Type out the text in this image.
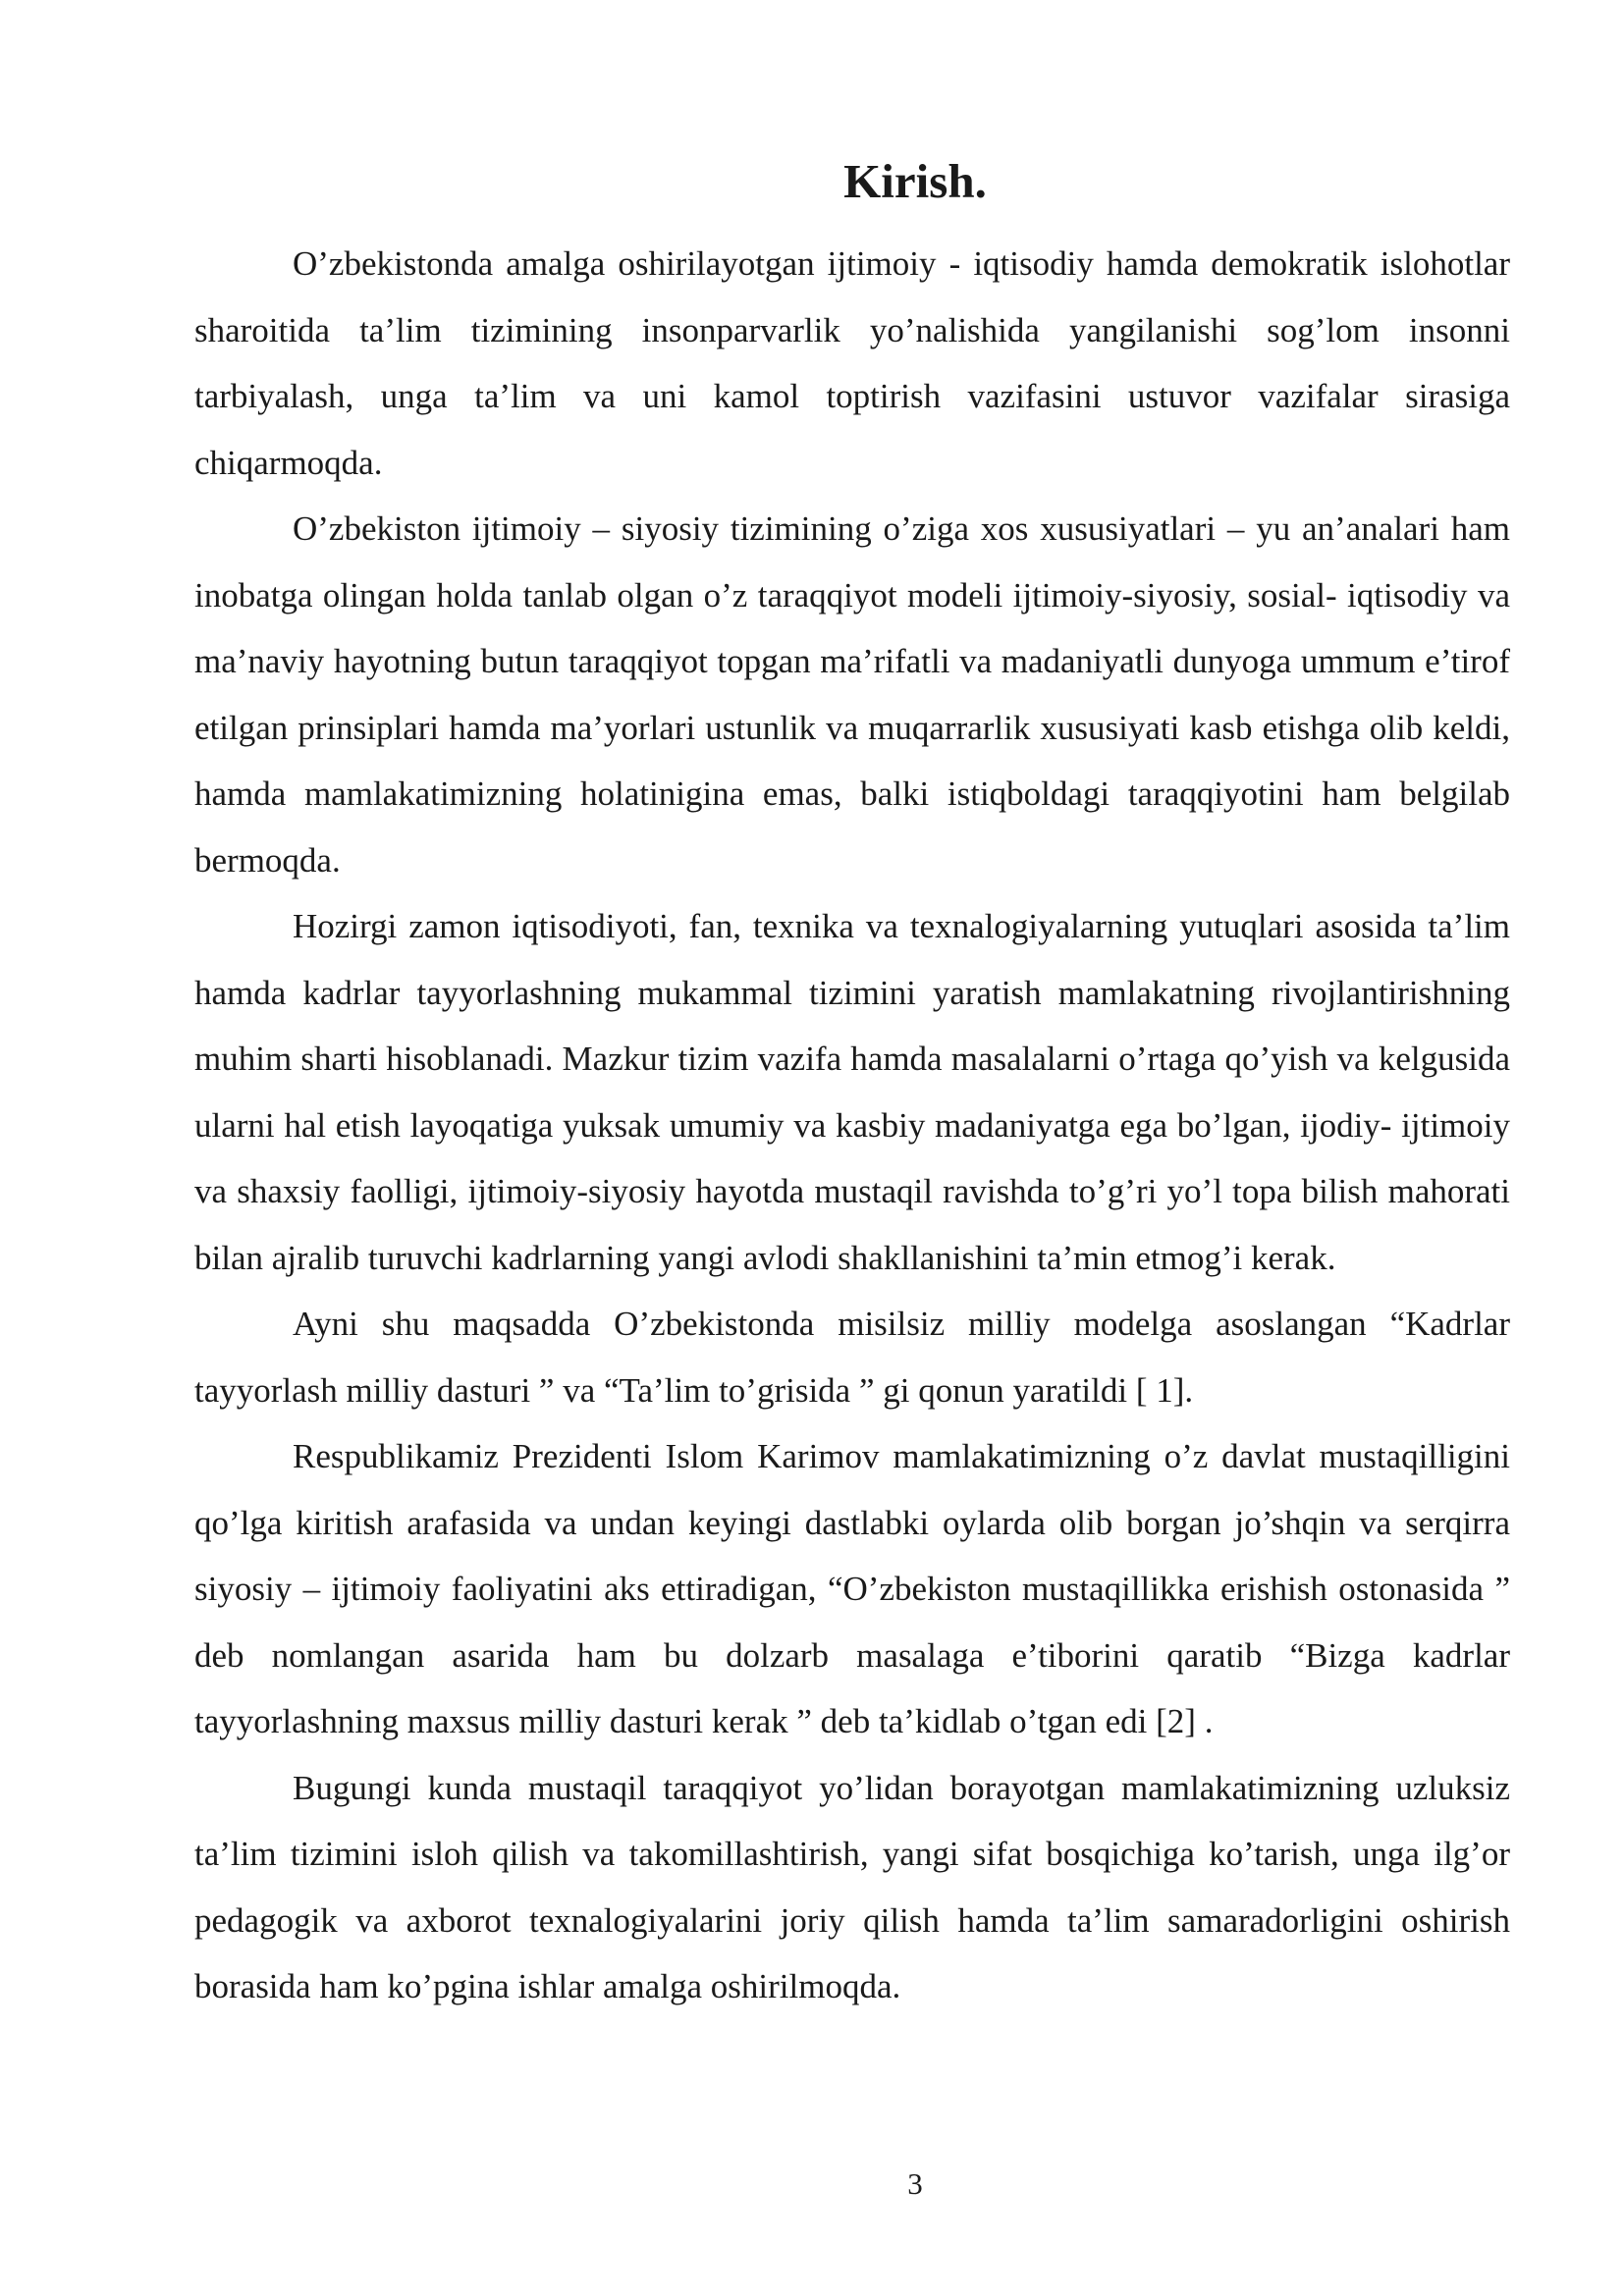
Kirish.

O’zbekistonda amalga oshirilayotgan ijtimoiy - iqtisodiy hamda demokratik islohotlar sharoitida ta’lim tizimining insonparvarlik yo’nalishida yangilanishi sog’lom insonni tarbiyalash, unga ta’lim va uni kamol toptirish vazifasini ustuvor vazifalar sirasiga chiqarmoqda.

O’zbekiston ijtimoiy – siyosiy tizimining o’ziga xos xususiyatlari – yu an’analari ham inobatga olingan holda tanlab olgan o’z taraqqiyot modeli ijtimoiy-siyosiy, sosial- iqtisodiy va ma’naviy hayotning butun taraqqiyot topgan ma’rifatli va madaniyatli dunyoga ummum e’tirof etilgan prinsiplari hamda ma’yorlari ustunlik va muqarrarlik xususiyati kasb etishga olib keldi, hamda mamlakatimizning holatinigina emas, balki istiqboldagi taraqqiyotini ham belgilab bermoqda.

Hozirgi zamon iqtisodiyoti, fan, texnika va texnalogiyalarning yutuqlari asosida ta’lim hamda kadrlar tayyorlashning mukammal tizimini yaratish mamlakatning rivojlantirishning muhim sharti hisoblanadi. Mazkur tizim vazifa hamda masalalarni o’rtaga qo’yish va kelgusida ularni hal etish layoqatiga yuksak umumiy va kasbiy madaniyatga ega bo’lgan, ijodiy- ijtimoiy va shaxsiy faolligi, ijtimoiy-siyosiy hayotda mustaqil ravishda to’g’ri yo’l topa bilish mahorati bilan ajralib turuvchi kadrlarning yangi avlodi shakllanishini ta’min etmog’i kerak.

Ayni shu maqsadda O’zbekistonda misilsiz milliy modelga asoslangan “Kadrlar tayyorlash milliy dasturi ” va “Ta’lim to’grisida ” gi qonun yaratildi [ 1].

Respublikamiz Prezidenti Islom Karimov mamlakatimizning o’z davlat mustaqilligini qo’lga kiritish arafasida va undan keyingi dastlabki oylarda olib borgan jo’shqin va serqirra siyosiy – ijtimoiy faoliyatini aks ettiradigan, “O’zbekiston mustaqillikka erishish ostonasida ” deb nomlangan asarida ham bu dolzarb masalaga e’tiborini qaratib “Bizga kadrlar tayyorlashning maxsus milliy dasturi kerak ” deb ta’kidlab o’tgan edi [2] .

Bugungi kunda mustaqil taraqqiyot yo’lidan borayotgan mamlakatimizning uzluksiz ta’lim tizimini isloh qilish va takomillashtirish, yangi sifat bosqichiga ko’tarish, unga ilg’or pedagogik va axborot texnalogiyalarini joriy qilish hamda ta’lim samaradorligini oshirish borasida ham ko’pgina ishlar amalga oshirilmoqda.

3
